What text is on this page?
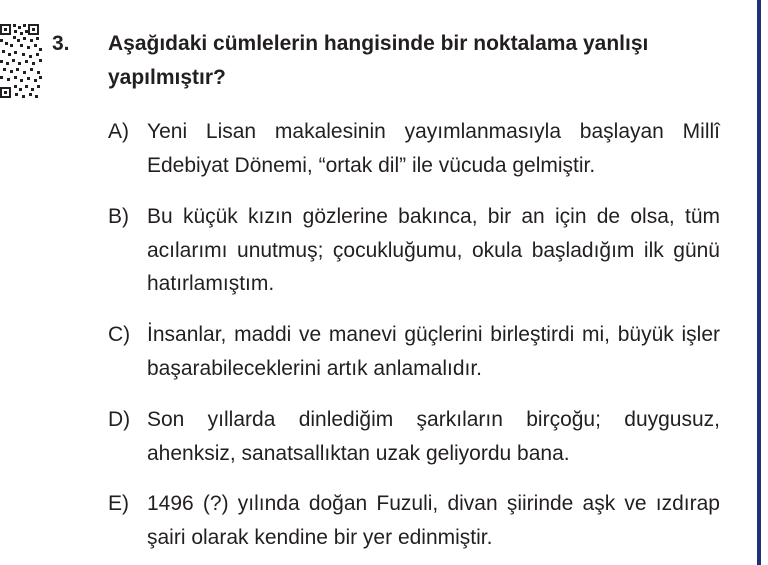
3. Aşağıdaki cümlelerin hangisinde bir noktalama yanlışı yapılmıştır?
A) Yeni Lisan makalesinin yayımlanmasıyla başlayan Millî Edebiyat Dönemi, “ortak dil” ile vücuda gelmiştir.
B) Bu küçük kızın gözlerine bakınca, bir an için de olsa, tüm acılarımı unutmuş; çocukluğumu, okula başladığım ilk günü hatırlamıştım.
C) İnsanlar, maddi ve manevi güçlerini birleştirdi mi, büyük işler başarabileceklerini artık anlamalıdır.
D) Son yıllarda dinlediğim şarkıların birçoğu; duygusuz, ahenksiz, sanatsallıktan uzak geliyordu bana.
E) 1496 (?) yılında doğan Fuzuli, divan şiirinde aşk ve ızdırap şairi olarak kendine bir yer edinmiştir.
